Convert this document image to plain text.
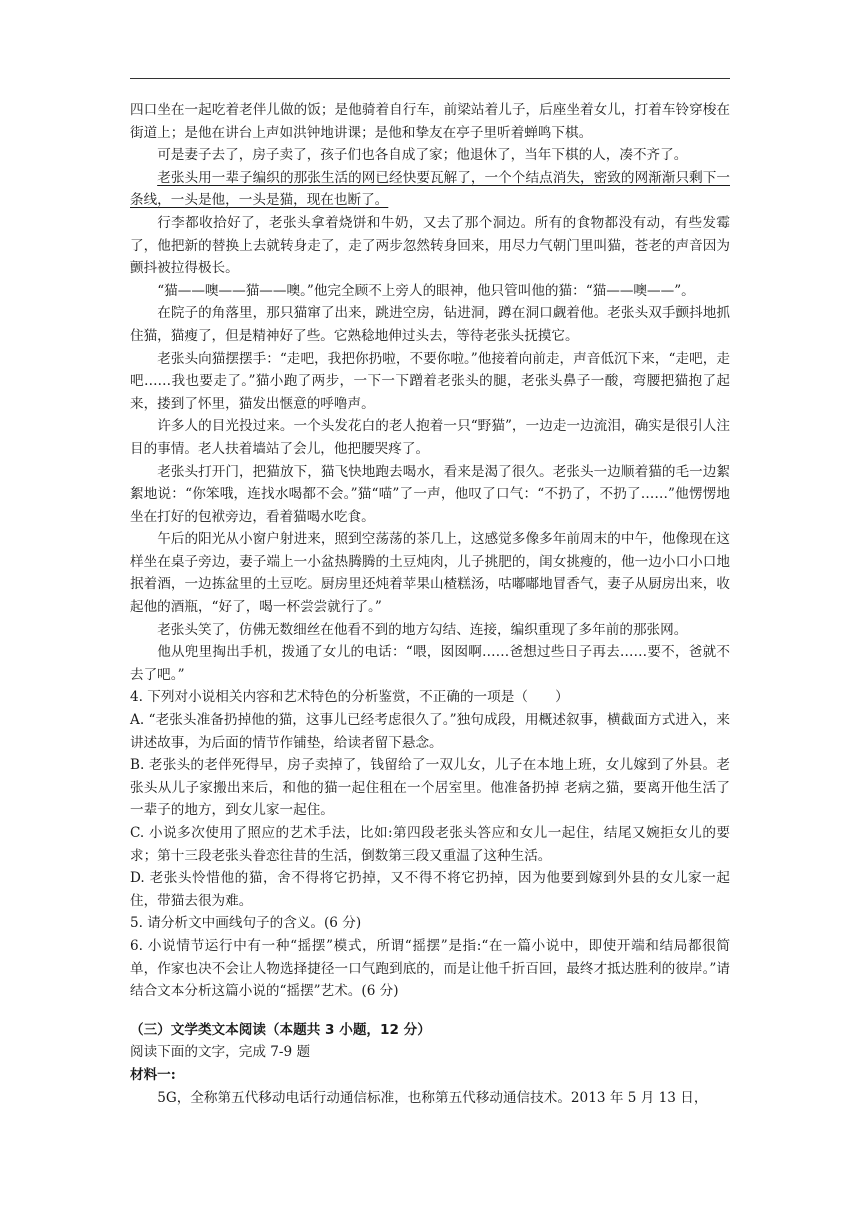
四口坐在一起吃着老伴儿做的饭；是他骑着自行车，前梁站着儿子，后座坐着女儿，打着车铃穿梭在街道上；是他在讲台上声如洪钟地讲课；是他和挚友在亭子里听着蝉鸣下棋。

可是妻子去了，房子卖了，孩子们也各自成了家；他退休了，当年下棋的人，凑不齐了。

老张头用一辈子编织的那张生活的网已经快要瓦解了，一个个结点消失，密致的网渐渐只剩下一条线，一头是他，一头是猫，现在也断了。

行李都收拾好了，老张头拿着烧饼和牛奶，又去了那个洞边。所有的食物都没有动，有些发霉了，他把新的替换上去就转身走了，走了两步忽然转身回来，用尽力气朝门里叫猫，苍老的声音因为颤抖被拉得极长。

“猫——噢——猫——噢。”他完全顾不上旁人的眼神，他只管叫他的猫：“猫——噢——”。

在院子的角落里，那只猫窜了出来，跳进空房，钻进洞，蹲在洞口觑着他。老张头双手颤抖地抓住猫，猫瘦了，但是精神好了些。它熟稔地伸过头去，等待老张头抚摸它。

老张头向猫摆摆手：“走吧，我把你扔啦，不要你啦。”他接着向前走，声音低沉下来，“走吧，走吧……我也要走了。”猫小跑了两步，一下一下蹭着老张头的腿，老张头鼻子一酸，弯腰把猫抱了起来，搂到了怀里，猫发出惬意的呼噜声。

许多人的目光投过来。一个头发花白的老人抱着一只“野猫”，一边走一边流泪，确实是很引人注目的事情。老人扶着墙站了会儿，他把腰哭疼了。

老张头打开门，把猫放下，猫飞快地跑去喝水，看来是渴了很久。老张头一边顺着猫的毛一边絮絮地说：“你笨哦，连找水喝都不会。”猫“喵”了一声，他叹了口气：“不扔了，不扔了……”他愣愣地坐在打好的包袱旁边，看着猫喝水吃食。

午后的阳光从小窗户射进来，照到空荡荡的茶几上，这感觉多像多年前周末的中午，他像现在这样坐在桌子旁边，妻子端上一小盆热腾腾的土豆炖肉，儿子挑肥的，闺女挑瘦的，他一边小口小口地抿着酒，一边拣盆里的土豆吃。厨房里还炖着苹果山楂糕汤，咕嘟嘟地冒香气，妻子从厨房出来，收起他的酒瓶，“好了，喝一杯尝尝就行了。”

老张头笑了，仿佛无数细丝在他看不到的地方勾结、连接，编织重现了多年前的那张网。

他从兜里掏出手机，拨通了女儿的电话：“喂，囡囡啊……爸想过些日子再去……要不，爸就不去了吧。”

4. 下列对小说相关内容和艺术特色的分析鉴赏，不正确的一项是（　　）

A. “老张头准备扔掉他的猫，这事儿已经考虑很久了。”独句成段，用概述叙事，横截面方式进入，来讲述故事，为后面的情节作铺垫，给读者留下悬念。

B. 老张头的老伴死得早，房子卖掉了，钱留给了一双儿女，儿子在本地上班，女儿嫁到了外县。老张头从儿子家搬出来后，和他的猫一起住租在一个居室里。他准备扔掉 老病之猫，要离开他生活了一辈子的地方，到女儿家一起住。

C. 小说多次使用了照应的艺术手法，比如:第四段老张头答应和女儿一起住，结尾又婉拒女儿的要求；第十三段老张头眷恋往昔的生活，倒数第三段又重温了这种生活。

D. 老张头怜惜他的猫，舍不得将它扔掉，又不得不将它扔掉，因为他要到嫁到外县的女儿家一起住，带猫去很为难。

5. 请分析文中画线句子的含义。(6 分)

6. 小说情节运行中有一种“摇摆”模式，所谓“摇摆”是指:“在一篇小说中，即使开端和结局都很简单，作家也决不会让人物选择捷径一口气跑到底的，而是让他千折百回，最终才抵达胜利的彼岸。”请结合文本分析这篇小说的“摇摆”艺术。(6 分)

（三）文学类文本阅读（本题共 3 小题，12 分）

阅读下面的文字，完成 7-9 题

材料一:

5G，全称第五代移动电话行动通信标准，也称第五代移动通信技术。2013 年 5 月 13 日，
